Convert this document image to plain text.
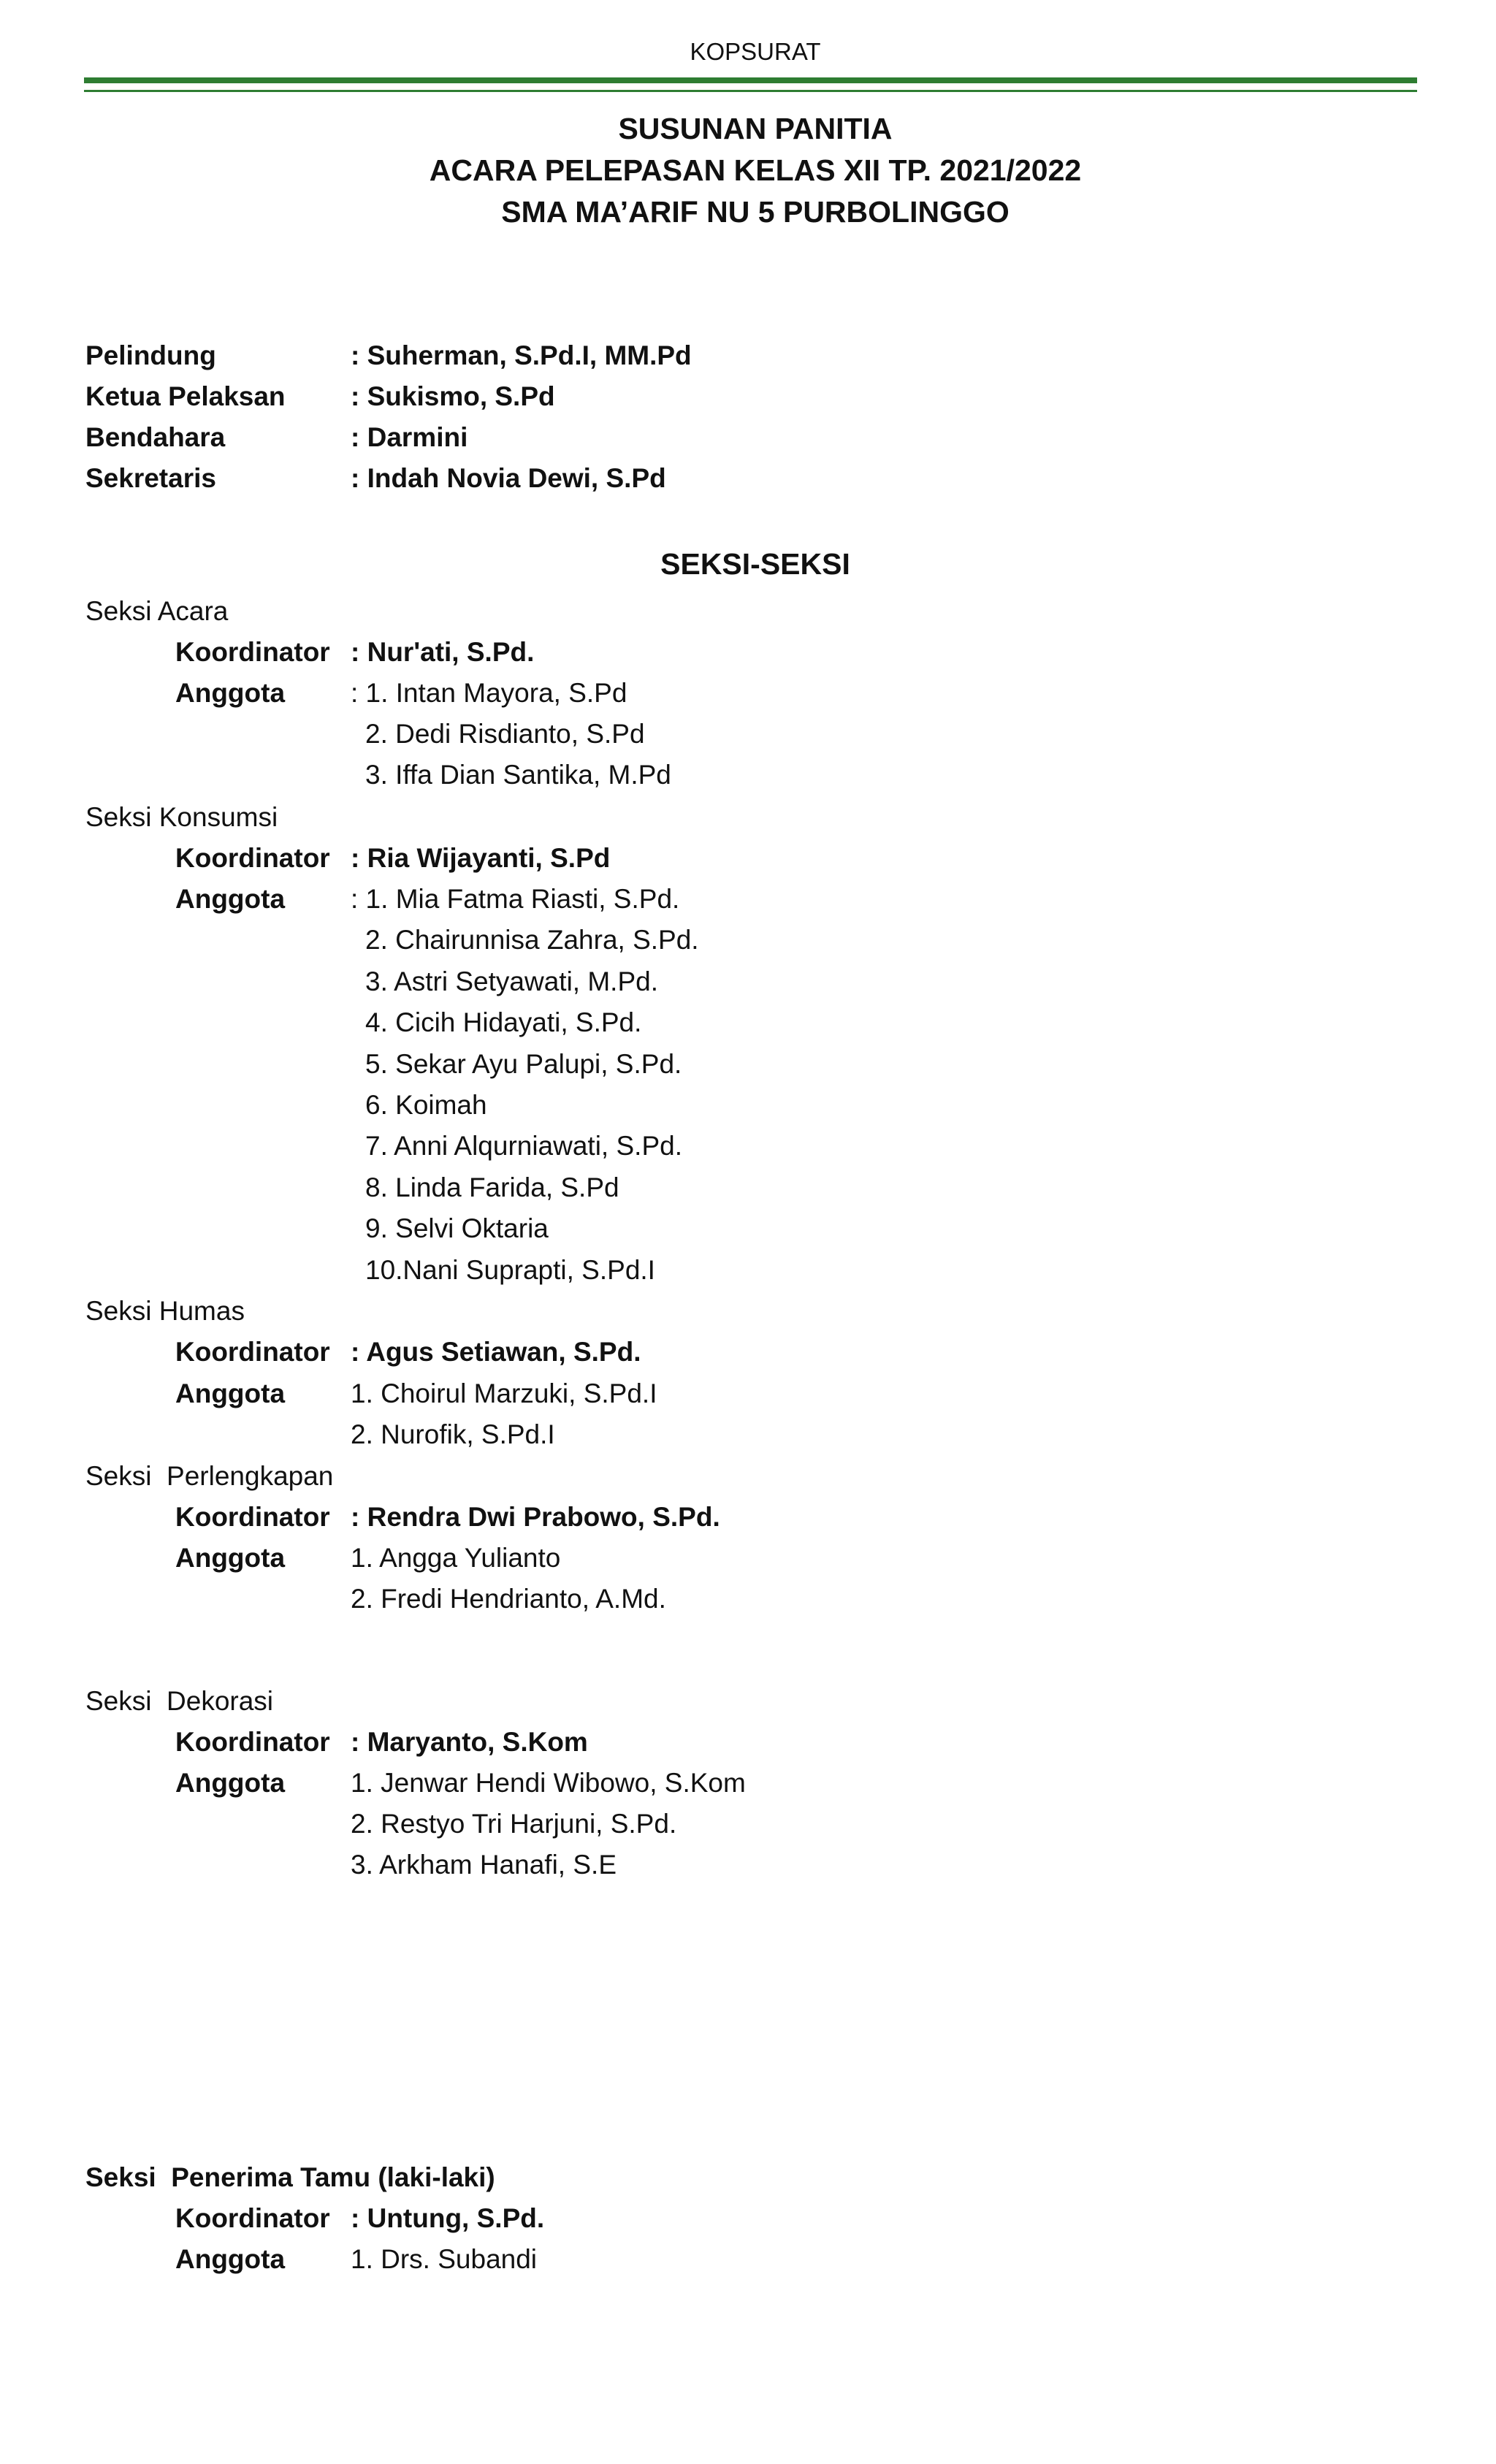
KOPSURAT
SUSUNAN PANITIA
ACARA PELEPASAN KELAS XII TP. 2021/2022
SMA MA’ARIF NU 5 PURBOLINGGO
Pelindung	: Suherman, S.Pd.I, MM.Pd
Ketua Pelaksan : Sukismo, S.Pd
Bendahara	: Darmini
Sekretaris	: Indah Novia Dewi, S.Pd
SEKSI-SEKSI
Seksi Acara
Koordinator : Nur'ati, S.Pd.
Anggota : 1. Intan Mayora, S.Pd
2. Dedi Risdianto, S.Pd
3. Iffa Dian Santika, M.Pd
Seksi Konsumsi
Koordinator : Ria Wijayanti, S.Pd
Anggota : 1. Mia Fatma Riasti, S.Pd.
2. Chairunnisa Zahra, S.Pd.
3. Astri Setyawati, M.Pd.
4. Cicih Hidayati, S.Pd.
5. Sekar Ayu Palupi, S.Pd.
6. Koimah
7. Anni Alqurniawati, S.Pd.
8. Linda Farida, S.Pd
9. Selvi Oktaria
10.Nani Suprapti, S.Pd.I
Seksi Humas
Koordinator : Agus Setiawan, S.Pd.
Anggota 1. Choirul Marzuki, S.Pd.I
2. Nurofik, S.Pd.I
Seksi  Perlengkapan
Koordinator : Rendra Dwi Prabowo, S.Pd.
Anggota 1. Angga Yulianto
2. Fredi Hendrianto, A.Md.
Seksi  Dekorasi
Koordinator : Maryanto, S.Kom
Anggota 1. Jenwar Hendi Wibowo, S.Kom
2. Restyo Tri Harjuni, S.Pd.
3. Arkham Hanafi, S.E
Seksi  Penerima Tamu (laki-laki)
Koordinator : Untung, S.Pd.
Anggota 1. Drs. Subandi
